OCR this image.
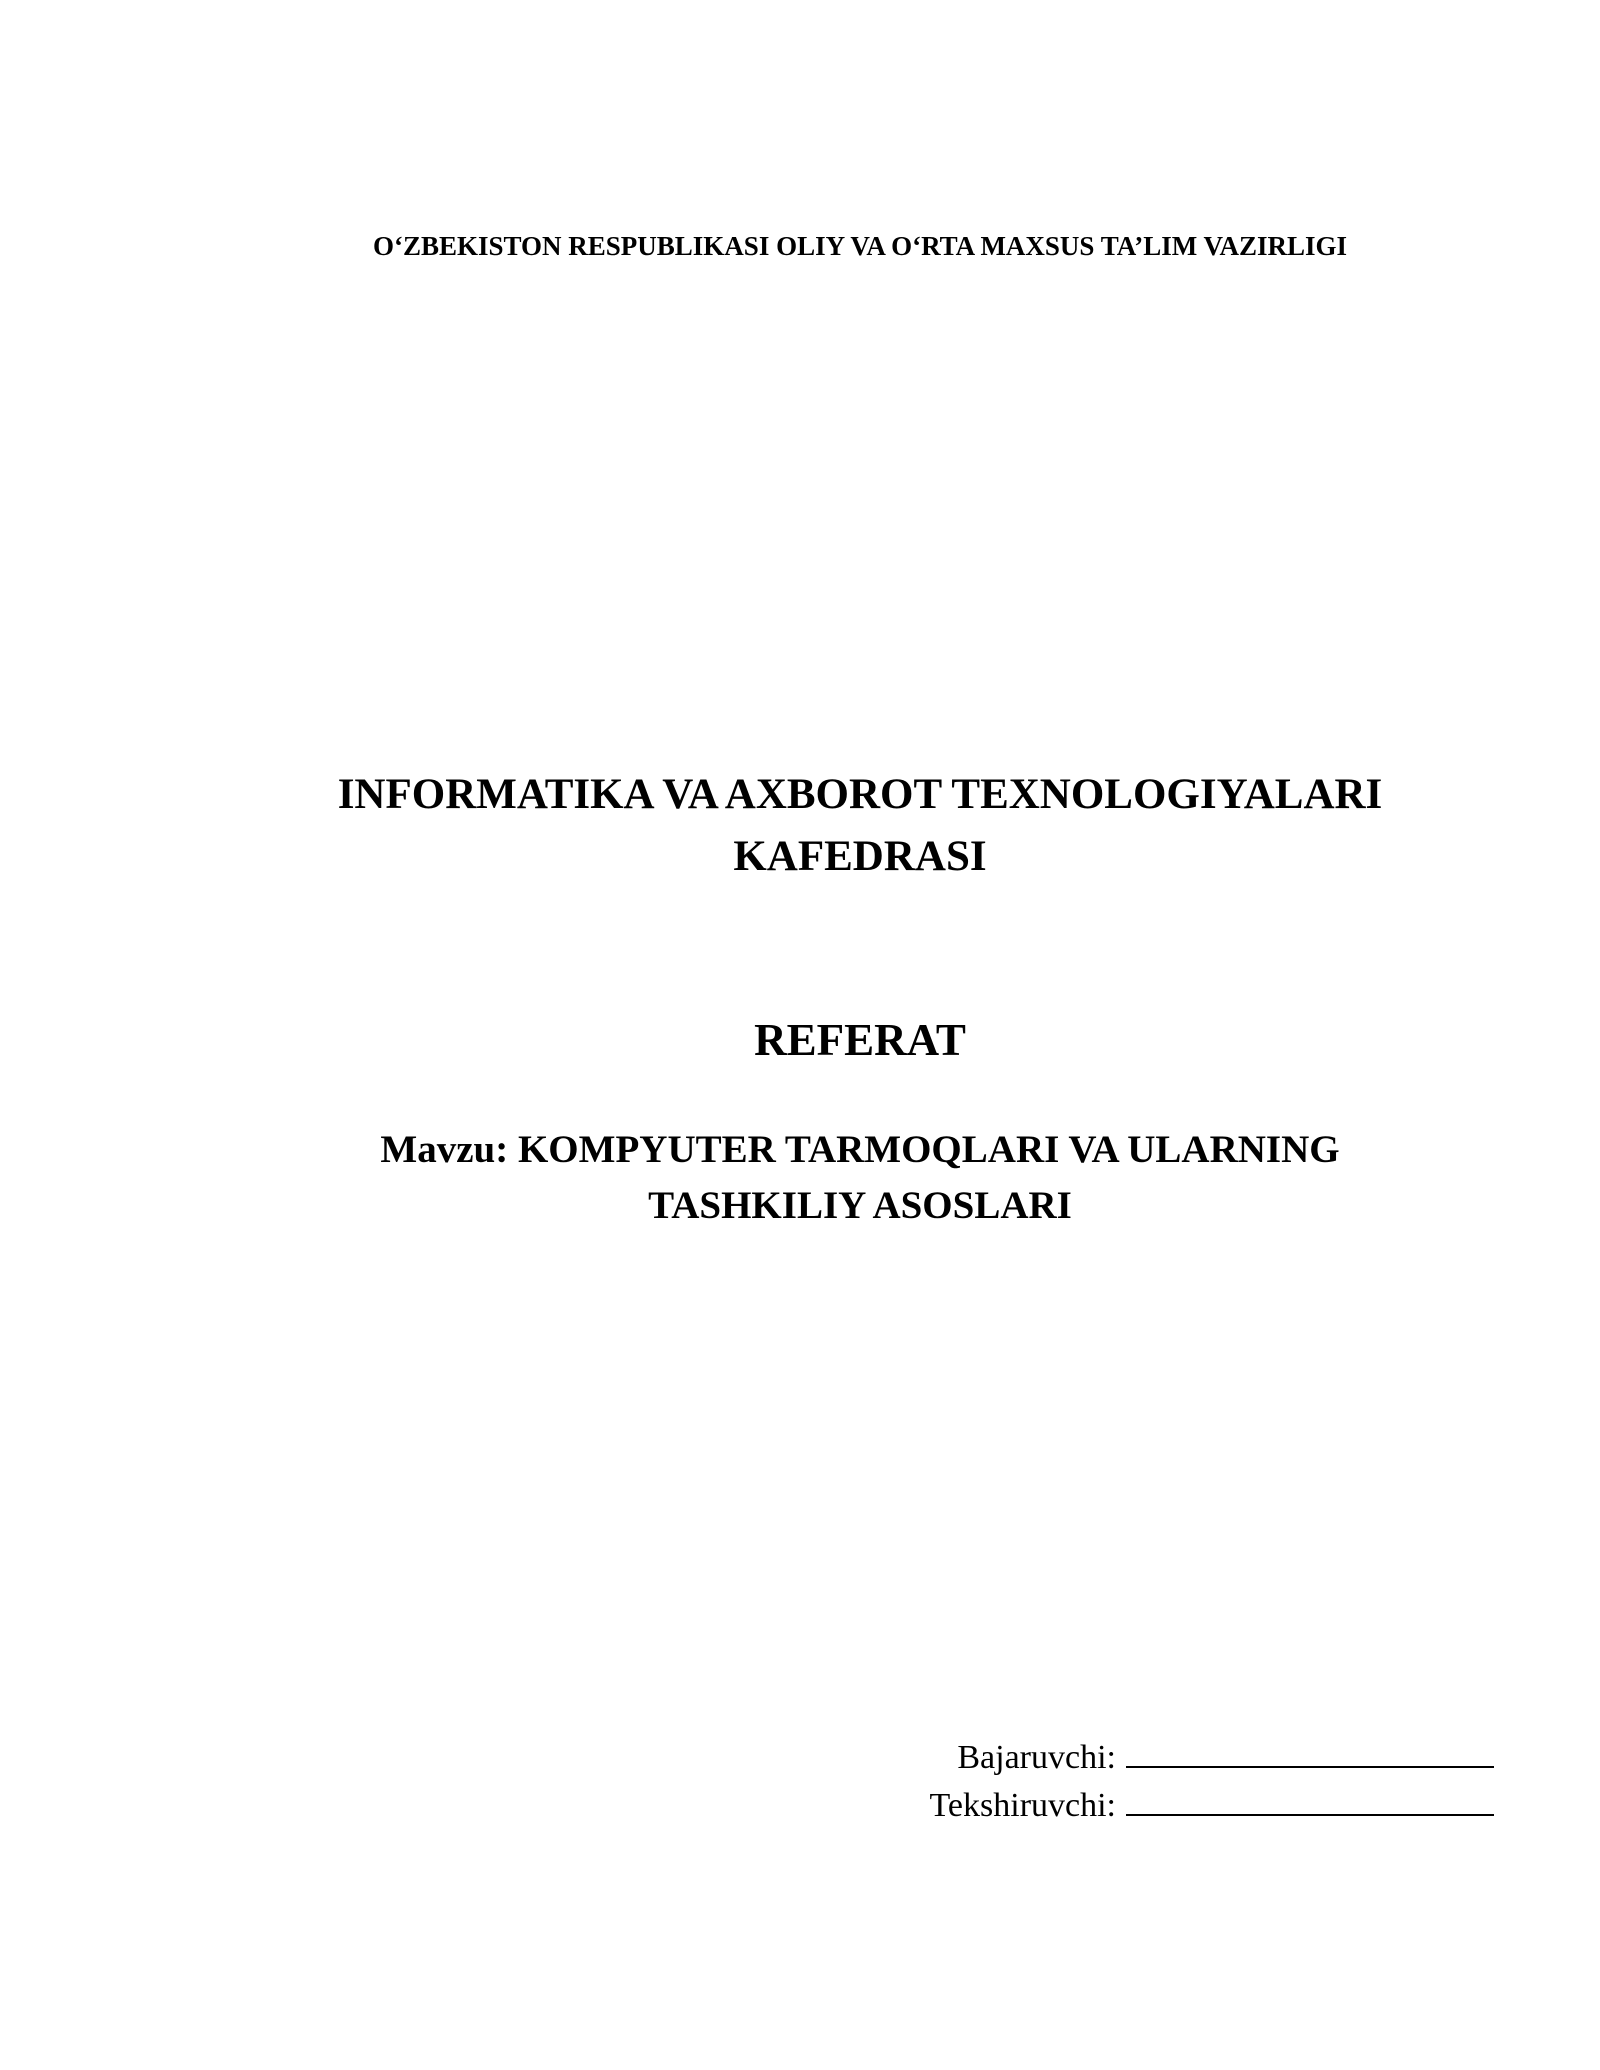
O‘ZBEKISTON RESPUBLIKASI OLIY VA O‘RTA MAXSUS TA’LIM VAZIRLIGI
INFORMATIKA VA AXBOROT TEXNOLOGIYALARI
KAFEDRASI
REFERAT
Mavzu: KOMPYUTER TARMOQLARI VA ULARNING
TASHKILIY ASOSLARI
Bajaruvchi:
Tekshiruvchi:
